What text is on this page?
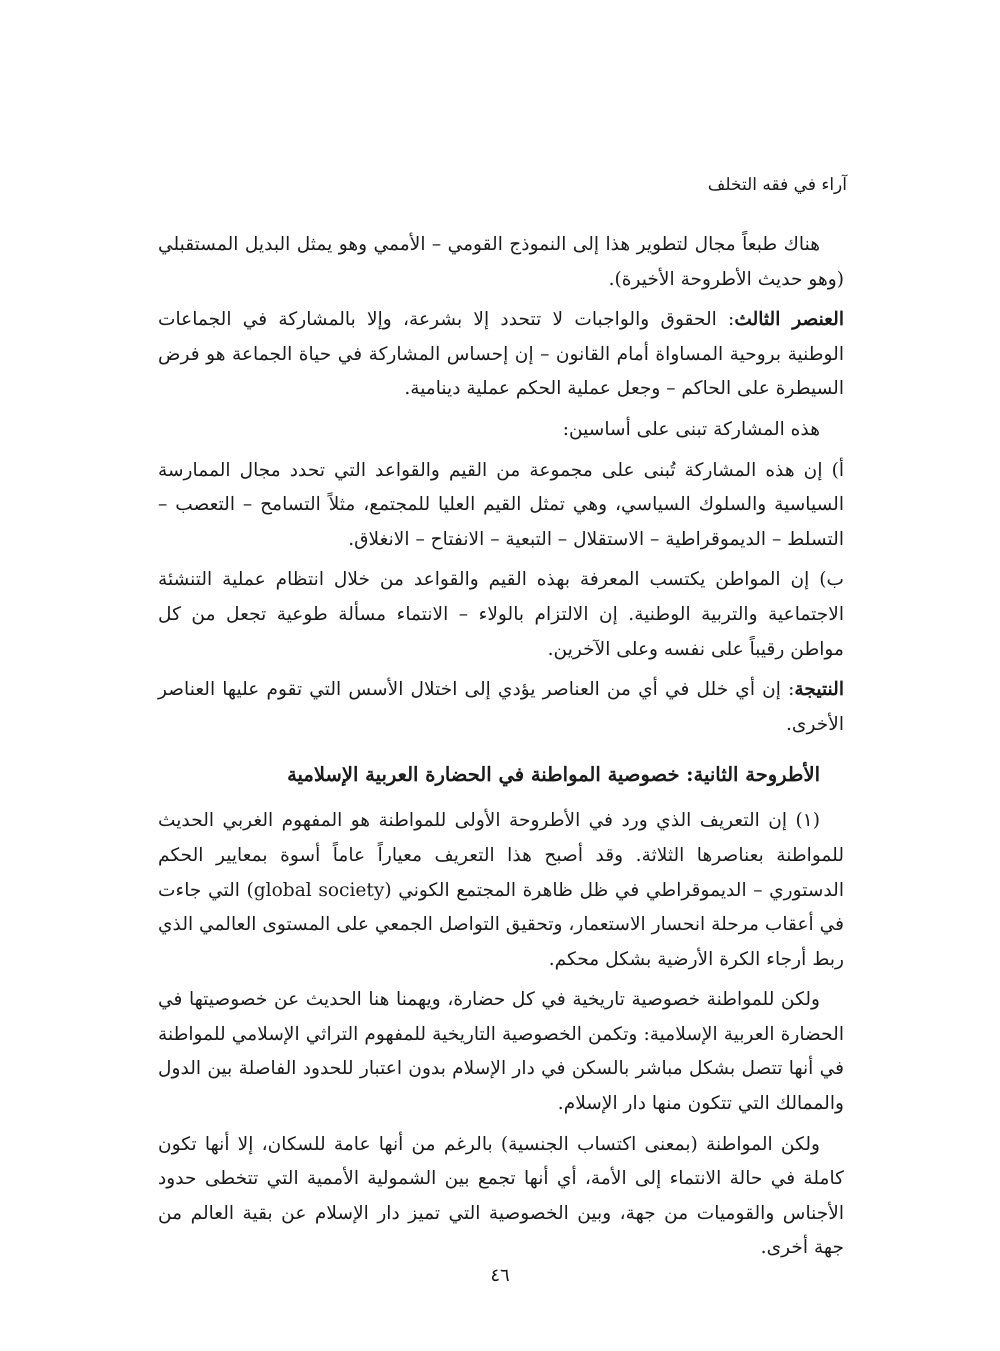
آراء في فقه التخلف

هناك طبعاً مجال لتطوير هذا إلى النموذج القومي – الأممي وهو يمثل البديل المستقبلي (وهو حديث الأطروحة الأخيرة).

العنصر الثالث: الحقوق والواجبات لا تتحدد إلا بشرعة، وإلا بالمشاركة في الجماعات الوطنية بروحية المساواة أمام القانون – إن إحساس المشاركة في حياة الجماعة هو فرض السيطرة على الحاكم – وجعل عملية الحكم عملية دينامية.

هذه المشاركة تبنى على أساسين:

أ) إن هذه المشاركة تُبنى على مجموعة من القيم والقواعد التي تحدد مجال الممارسة السياسية والسلوك السياسي، وهي تمثل القيم العليا للمجتمع، مثلاً التسامح – التعصب – التسلط – الديموقراطية – الاستقلال – التبعية – الانفتاح – الانغلاق.

ب) إن المواطن يكتسب المعرفة بهذه القيم والقواعد من خلال انتظام عملية التنشئة الاجتماعية والتربية الوطنية. إن الالتزام بالولاء – الانتماء مسألة طوعية تجعل من كل مواطن رقيباً على نفسه وعلى الآخرين.

النتيجة: إن أي خلل في أي من العناصر يؤدي إلى اختلال الأسس التي تقوم عليها العناصر الأخرى.

الأطروحة الثانية: خصوصية المواطنة في الحضارة العربية الإسلامية

(١) إن التعريف الذي ورد في الأطروحة الأولى للمواطنة هو المفهوم الغربي الحديث للمواطنة بعناصرها الثلاثة. وقد أصبح هذا التعريف معياراً عاماً أسوة بمعايير الحكم الدستوري – الديموقراطي في ظل ظاهرة المجتمع الكوني (global society) التي جاءت في أعقاب مرحلة انحسار الاستعمار، وتحقيق التواصل الجمعي على المستوى العالمي الذي ربط أرجاء الكرة الأرضية بشكل محكم.

ولكن للمواطنة خصوصية تاريخية في كل حضارة، ويهمنا هنا الحديث عن خصوصيتها في الحضارة العربية الإسلامية: وتكمن الخصوصية التاريخية للمفهوم التراثي الإسلامي للمواطنة في أنها تتصل بشكل مباشر بالسكن في دار الإسلام بدون اعتبار للحدود الفاصلة بين الدول والممالك التي تتكون منها دار الإسلام.

ولكن المواطنة (بمعنى اكتساب الجنسية) بالرغم من أنها عامة للسكان، إلا أنها تكون كاملة في حالة الانتماء إلى الأمة، أي أنها تجمع بين الشمولية الأممية التي تتخطى حدود الأجناس والقوميات من جهة، وبين الخصوصية التي تميز دار الإسلام عن بقية العالم من جهة أخرى.

٤٦
